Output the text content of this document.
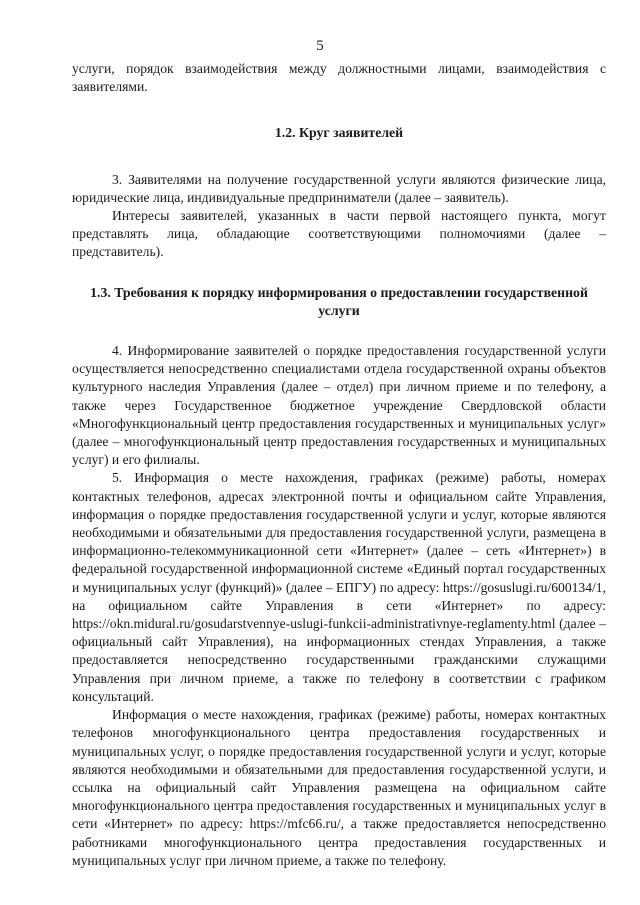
5

услуги, порядок взаимодействия между должностными лицами, взаимодействия с заявителями.

1.2. Круг заявителей

3. Заявителями на получение государственной услуги являются физические лица, юридические лица, индивидуальные предприниматели (далее – заявитель).

Интересы заявителей, указанных в части первой настоящего пункта, могут представлять лица, обладающие соответствующими полномочиями (далее – представитель).

1.3. Требования к порядку информирования о предоставлении государственной услуги

4. Информирование заявителей о порядке предоставления государственной услуги осуществляется непосредственно специалистами отдела государственной охраны объектов культурного наследия Управления (далее – отдел) при личном приеме и по телефону, а также через Государственное бюджетное учреждение Свердловской области «Многофункциональный центр предоставления государственных и муниципальных услуг» (далее – многофункциональный центр предоставления государственных и муниципальных услуг) и его филиалы.

5. Информация о месте нахождения, графиках (режиме) работы, номерах контактных телефонов, адресах электронной почты и официальном сайте Управления, информация о порядке предоставления государственной услуги и услуг, которые являются необходимыми и обязательными для предоставления государственной услуги, размещена в информационно-телекоммуникационной сети «Интернет» (далее – сеть «Интернет») в федеральной государственной информационной системе «Единый портал государственных и муниципальных услуг (функций)» (далее – ЕПГУ) по адресу: https://gosuslugi.ru/600134/1, на официальном сайте Управления в сети «Интернет» по адресу: https://okn.midural.ru/gosudarstvennye-uslugi-funkcii-administrativnye-reglamenty.html (далее – официальный сайт Управления), на информационных стендах Управления, а также предоставляется непосредственно государственными гражданскими служащими Управления при личном приеме, а также по телефону в соответствии с графиком консультаций.

Информация о месте нахождения, графиках (режиме) работы, номерах контактных телефонов многофункционального центра предоставления государственных и муниципальных услуг, о порядке предоставления государственной услуги и услуг, которые являются необходимыми и обязательными для предоставления государственной услуги, и ссылка на официальный сайт Управления размещена на официальном сайте многофункционального центра предоставления государственных и муниципальных услуг в сети «Интернет» по адресу: https://mfc66.ru/, а также предоставляется непосредственно работниками многофункционального центра предоставления государственных и муниципальных услуг при личном приеме, а также по телефону.
